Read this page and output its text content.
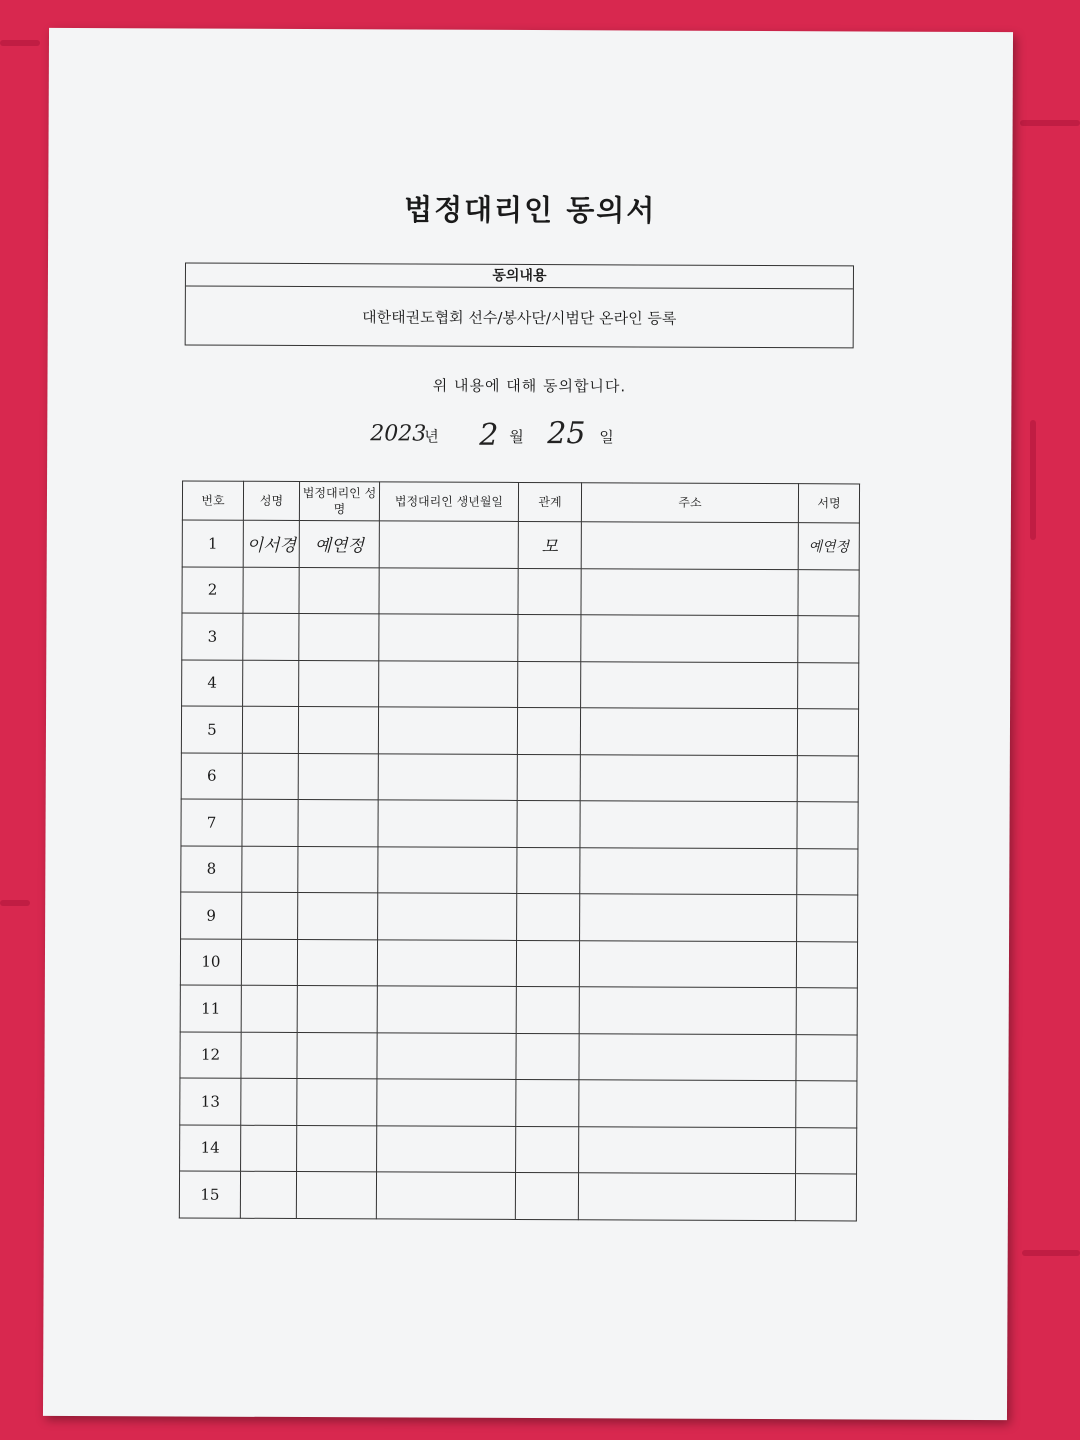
법정대리인 동의서
동의내용
대한태권도협회 선수/봉사단/시범단 온라인 등록
위 내용에 대해 동의합니다.
2023
년 2 월 25 일
번호	성명	법정대리인 성명	법정대리인 생년월일	관계	주소	서명
1	이서경	예연정		모		예연정
2						
3						
4						
5						
6						
7						
8						
9						
10						
11						
12						
13						
14						
15						
